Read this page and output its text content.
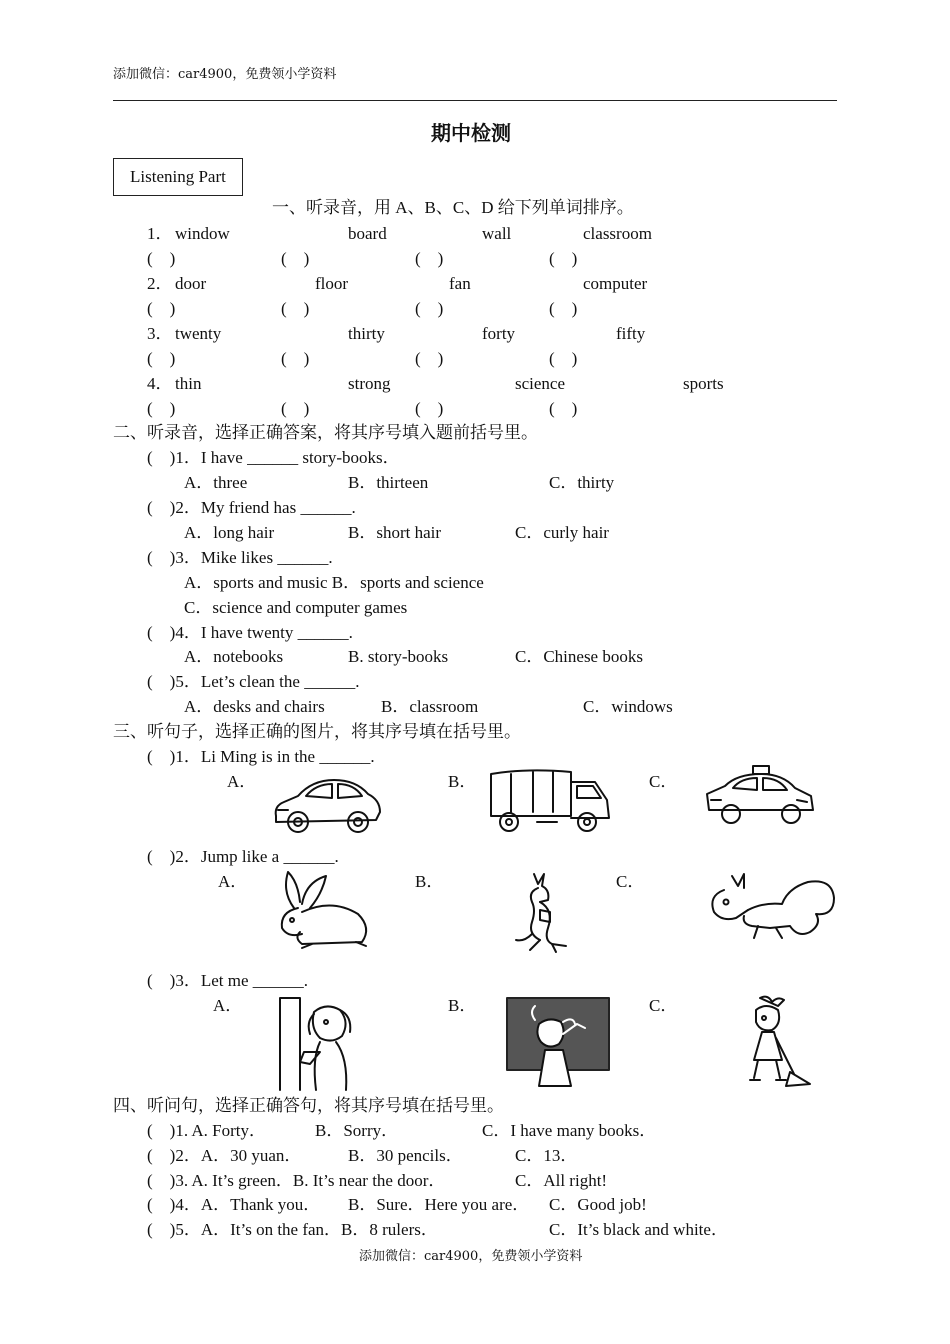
添加微信：car4900，免费领小学资料
期中检测
Listening Part
一、听录音，用 A、B、C、D 给下列单词排序。
1． window	board	wall	classroom
(　)	(　)	(　)	(　)
2． door	floor	fan	computer
(　)	(　)	(　)	(　)
3． twenty	thirty	forty	fifty
(　)	(　)	(　)	(　)
4． thin	strong	science	sports
(　)	(　)	(　)	(　)
二、听录音，选择正确答案，将其序号填入题前括号里。
(　)1．I have ______ story-books．
A．three	B．thirteen	C．thirty
(　)2．My friend has ______.
A．long hair	B．short hair	C．curly hair
(　)3．Mike likes ______.
A．sports and music B．sports and science
C．science and computer games
(　)4．I have twenty ______.
A．notebooks	B. story-books	C．Chinese books
(　)5．Let’s clean the ______.
A．desks and chairs	B．classroom	C．windows
三、听句子，选择正确的图片，将其序号填在括号里。
(　)1．Li Ming is in the ______.
A．	B．	C．
(　)2．Jump like a ______.
A．	B．	C．
(　)3．Let me ______.
A．	B．	C．
四、听问句，选择正确答句，将其序号填在括号里。
(　)1. A. Forty．	B．Sorry．	C．I have many books．
(　)2．A．30 yuan．	B．30 pencils．	C．13．
(　)3. A. It’s green．B. It’s near the door．	C．All right!
(　)4．A．Thank you． B．Sure．Here you are． C．Good job!
(　)5．A．It’s on the fan．B．8 rulers．	C．It’s black and white．
添加微信：car4900，免费领小学资料
